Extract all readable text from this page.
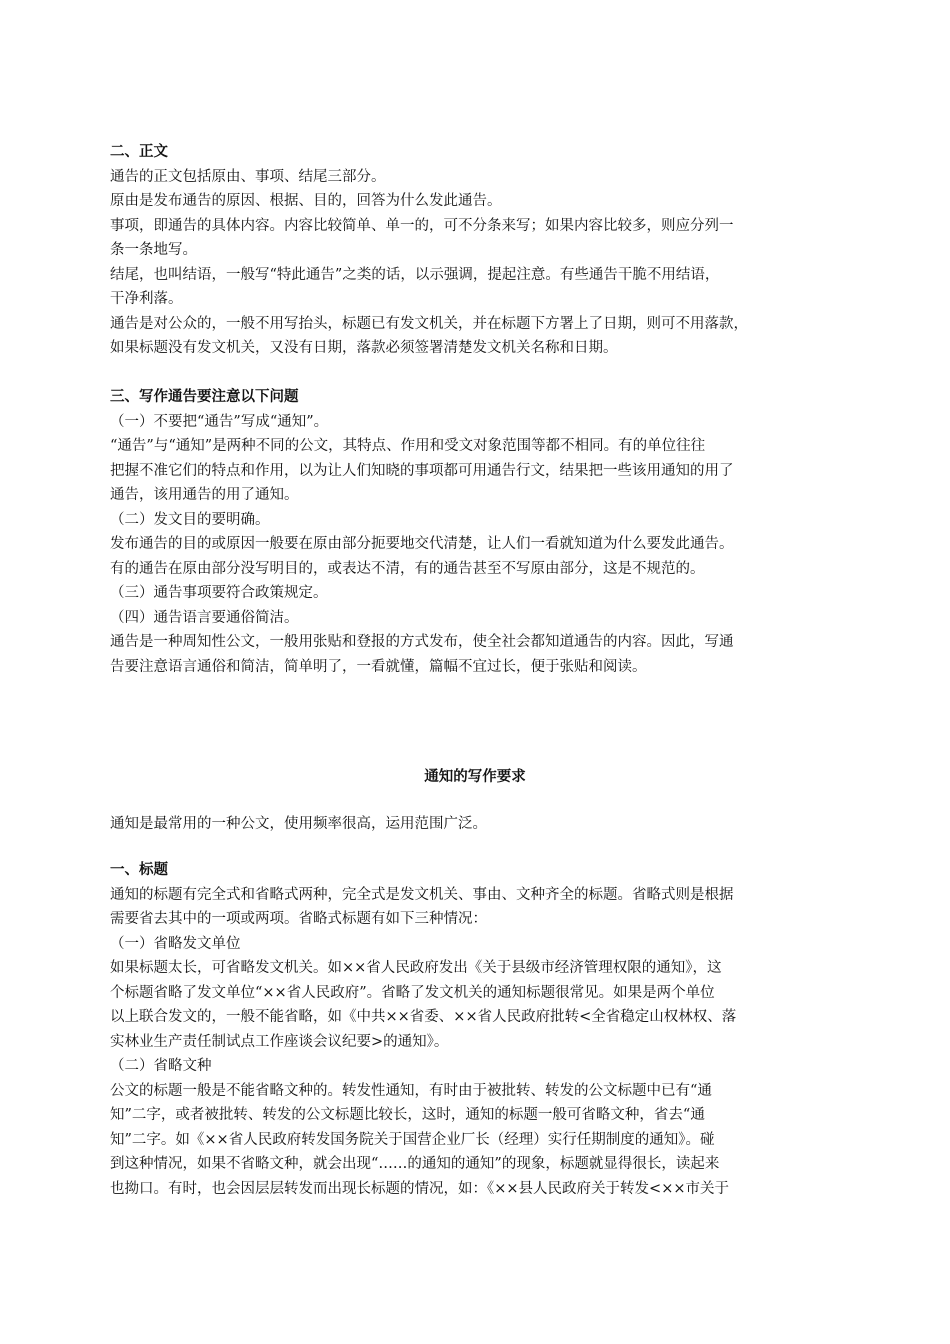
二、正文

通告的正文包括原由、事项、结尾三部分。

原由是发布通告的原因、根据、目的，回答为什么发此通告。

事项，即通告的具体内容。内容比较简单、单一的，可不分条来写；如果内容比较多，则应分列一

条一条地写。

结尾，也叫结语，一般写“特此通告”之类的话，以示强调，提起注意。有些通告干脆不用结语，

干净利落。

通告是对公众的，一般不用写抬头，标题已有发文机关，并在标题下方署上了日期，则可不用落款，

如果标题没有发文机关，又没有日期，落款必须签署清楚发文机关名称和日期。

三、写作通告要注意以下问题

（一）不要把“通告”写成“通知”。

“通告”与“通知”是两种不同的公文，其特点、作用和受文对象范围等都不相同。有的单位往往

把握不准它们的特点和作用，以为让人们知晓的事项都可用通告行文，结果把一些该用通知的用了

通告，该用通告的用了通知。

（二）发文目的要明确。

发布通告的目的或原因一般要在原由部分扼要地交代清楚，让人们一看就知道为什么要发此通告。

有的通告在原由部分没写明目的，或表达不清，有的通告甚至不写原由部分，这是不规范的。

（三）通告事项要符合政策规定。

（四）通告语言要通俗简洁。

通告是一种周知性公文，一般用张贴和登报的方式发布，使全社会都知道通告的内容。因此，写通

告要注意语言通俗和简洁，简单明了，一看就懂，篇幅不宜过长，便于张贴和阅读。

通知的写作要求

通知是最常用的一种公文，使用频率很高，运用范围广泛。

一、标题

通知的标题有完全式和省略式两种，完全式是发文机关、事由、文种齐全的标题。省略式则是根据

需要省去其中的一项或两项。省略式标题有如下三种情况：

（一）省略发文单位

如果标题太长，可省略发文机关。如××省人民政府发出《关于县级市经济管理权限的通知》，这

个标题省略了发文单位“××省人民政府”。省略了发文机关的通知标题很常见。如果是两个单位

以上联合发文的，一般不能省略，如《中共××省委、××省人民政府批转<全省稳定山权林权、落

实林业生产责任制试点工作座谈会议纪要>的通知》。

（二）省略文种

公文的标题一般是不能省略文种的。转发性通知，有时由于被批转、转发的公文标题中已有“通

知”二字，或者被批转、转发的公文标题比较长，这时，通知的标题一般可省略文种，省去“通

知”二字。如《××省人民政府转发国务院关于国营企业厂长（经理）实行任期制度的通知》。碰

到这种情况，如果不省略文种，就会出现“……的通知的通知”的现象，标题就显得很长，读起来

也拗口。有时，也会因层层转发而出现长标题的情况，如：《××县人民政府关于转发<××市关于
